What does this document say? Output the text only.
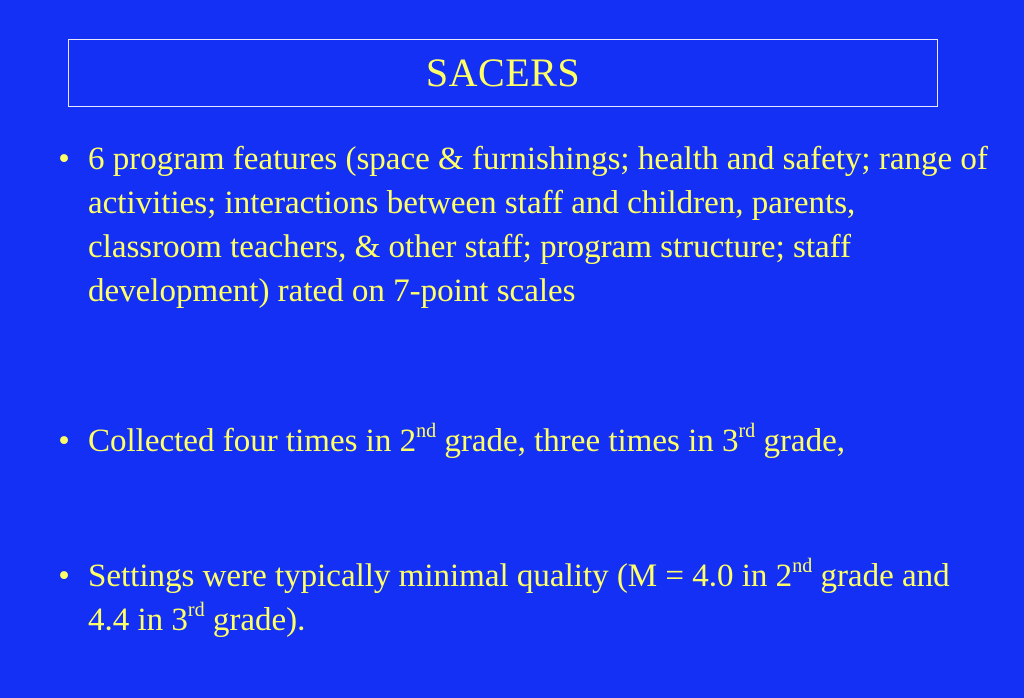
SACERS
• 6 program features (space & furnishings; health and safety; range of activities; interactions between staff and children, parents, classroom teachers, & other staff; program structure; staff development) rated on 7-point scales
• Collected four times in 2nd grade, three times in 3rd grade,
• Settings were typically minimal quality (M = 4.0 in 2nd grade and 4.4 in 3rd grade).
